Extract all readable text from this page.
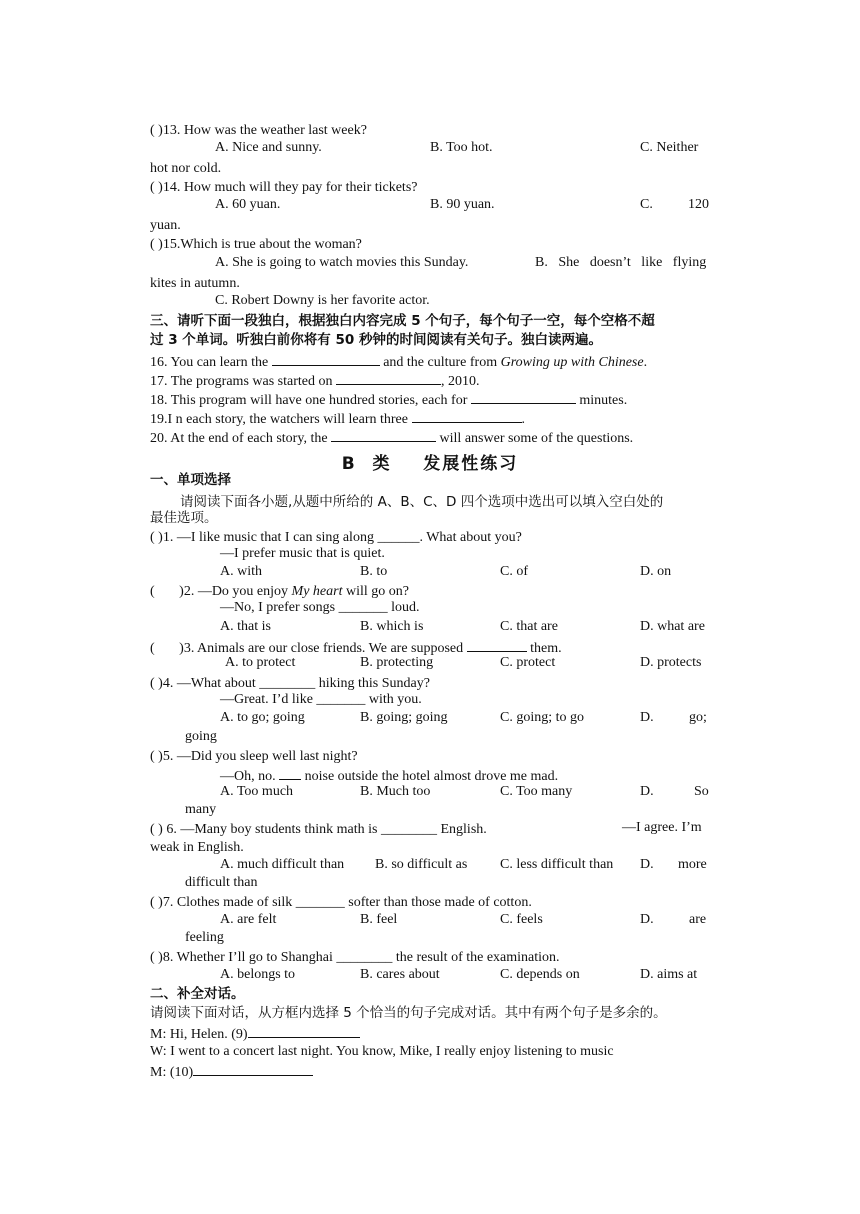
( )13. How was the weather last week?
A. Nice and sunny.	B. Too hot.	C. Neither
hot nor cold.
( )14. How much will they pay for their tickets?
A. 60 yuan.	B. 90 yuan.	C.	120
yuan.
( )15.Which is true about the woman?
A. She is going to watch movies this Sunday.	B.   She   doesn’t   like   flying
kites in autumn.
C. Robert Downy is her favorite actor.
三、请听下面一段独白，根据独白内容完成 5 个句子，每个句子一空，每个空格不超
过 3 个单词。听独白前你将有 50 秒钟的时间阅读有关句子。独白读两遍。
16. You can learn the	and the culture from Growing up with Chinese.
17. The programs was started on	, 2010.
18. This program will have one hundred stories, each for	minutes.
19.I n each story, the watchers will learn three	.
20. At the end of each story, the	will answer some of the questions.
B  类    发展性练习
一、单项选择
请阅读下面各小题,从题中所给的 A、B、C、D 四个选项中选出可以填入空白处的
最佳选项。
( )1. —I like music that I can sing along ______. What about you?
—I prefer music that is quiet.
A. with	B. to	C. of	D. on
(       )2. —Do you enjoy My heart will go on?
—No, I prefer songs _______ loud.
A. that is	B. which is	C. that are	D. what are
(       )3. Animals are our close friends. We are supposed	them.
A. to protect	B. protecting	C. protect	D. protects
( )4. —What about ________ hiking this Sunday?
—Great. I’d like _______ with you.
A. to go; going	B. going; going	C. going; to go	D.	go;
going
( )5. —Did you sleep well last night?
—Oh, no. noise outside the hotel almost drove me mad.
A. Too much	B. Much too	C. Too many	D.	So
many
( ) 6. —Many boy students think math is ________ English.	—I agree. I’m
weak in English.
A. much difficult than B. so difficult as C. less difficult than D. more
difficult than
( )7. Clothes made of silk _______ softer than those made of cotton.
A. are felt	B. feel	C. feels	D.	are
feeling
( )8. Whether I’ll go to Shanghai ________ the result of the examination.
A. belongs to	B. cares about	C. depends on	D. aims at
二、补全对话。
请阅读下面对话，从方框内选择 5 个恰当的句子完成对话。其中有两个句子是多余的。
M: Hi, Helen. (9)
W: I went to a concert last night. You know, Mike, I really enjoy listening to music
M: (10)
